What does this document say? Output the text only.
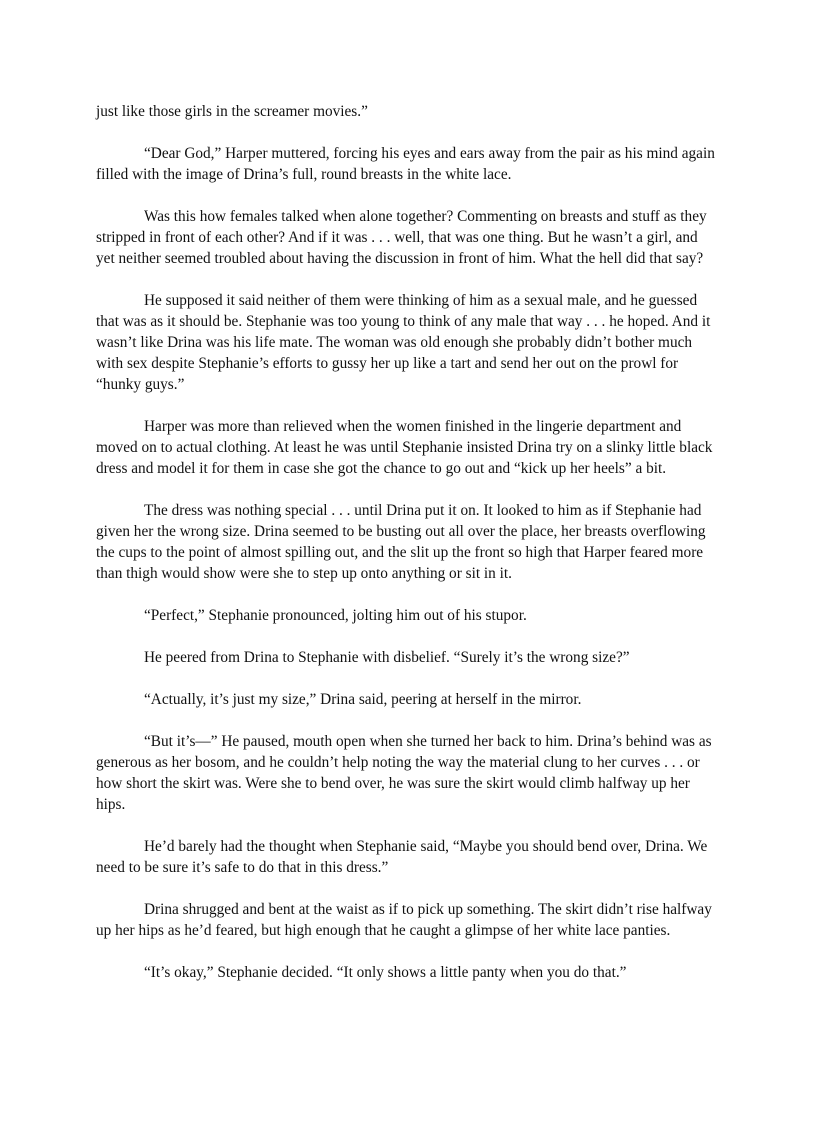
just like those girls in the screamer movies.”

“Dear God,” Harper muttered, forcing his eyes and ears away from the pair as his mind again filled with the image of Drina’s full, round breasts in the white lace.

Was this how females talked when alone together? Commenting on breasts and stuff as they stripped in front of each other? And if it was . . . well, that was one thing. But he wasn’t a girl, and yet neither seemed troubled about having the discussion in front of him. What the hell did that say?

He supposed it said neither of them were thinking of him as a sexual male, and he guessed that was as it should be. Stephanie was too young to think of any male that way . . . he hoped. And it wasn’t like Drina was his life mate. The woman was old enough she probably didn’t bother much with sex despite Stephanie’s efforts to gussy her up like a tart and send her out on the prowl for “hunky guys.”

Harper was more than relieved when the women finished in the lingerie department and moved on to actual clothing. At least he was until Stephanie insisted Drina try on a slinky little black dress and model it for them in case she got the chance to go out and “kick up her heels” a bit.

The dress was nothing special . . . until Drina put it on. It looked to him as if Stephanie had given her the wrong size. Drina seemed to be busting out all over the place, her breasts overflowing the cups to the point of almost spilling out, and the slit up the front so high that Harper feared more than thigh would show were she to step up onto anything or sit in it.

“Perfect,” Stephanie pronounced, jolting him out of his stupor.

He peered from Drina to Stephanie with disbelief. “Surely it’s the wrong size?”

“Actually, it’s just my size,” Drina said, peering at herself in the mirror.

“But it’s—” He paused, mouth open when she turned her back to him. Drina’s behind was as generous as her bosom, and he couldn’t help noting the way the material clung to her curves . . . or how short the skirt was. Were she to bend over, he was sure the skirt would climb halfway up her hips.

He’d barely had the thought when Stephanie said, “Maybe you should bend over, Drina. We need to be sure it’s safe to do that in this dress.”

Drina shrugged and bent at the waist as if to pick up something. The skirt didn’t rise halfway up her hips as he’d feared, but high enough that he caught a glimpse of her white lace panties.

“It’s okay,” Stephanie decided. “It only shows a little panty when you do that.”
